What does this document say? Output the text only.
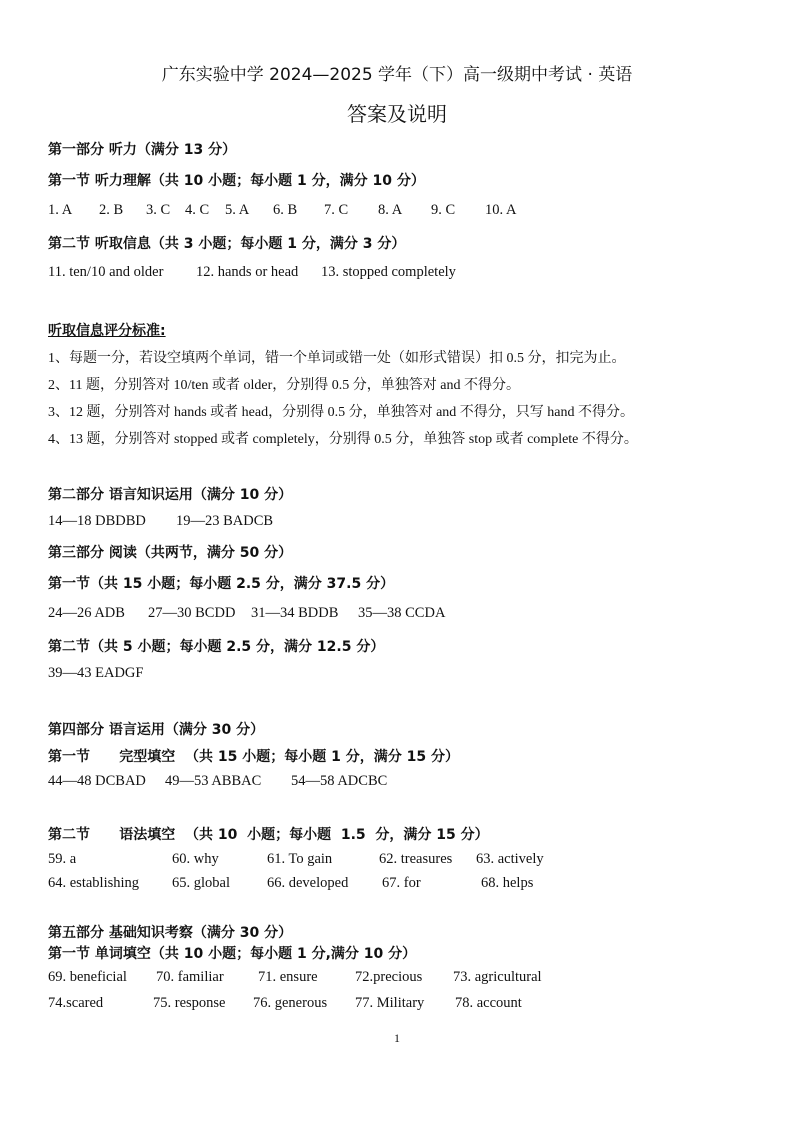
广东实验中学 2024—2025 学年（下）高一级期中考试 · 英语
答案及说明
第一部分 听力（满分 13 分）
第一节 听力理解（共 10 小题；每小题 1 分，满分 10 分）
1. A 2. B 3. C 4. C 5. A 6. B 7. C 8. A 9. C 10. A
第二节 听取信息（共 3 小题；每小题 1 分，满分 3 分）
11. ten/10 and older 12. hands or head 13. stopped completely
听取信息评分标准:
1、每题一分，若设空填两个单词，错一个单词或错一处（如形式错误）扣 0.5 分，扣完为止。
2、11 题，分别答对 10/ten 或者 older，分别得 0.5 分，单独答对 and 不得分。
3、12 题，分别答对 hands 或者 head，分别得 0.5 分，单独答对 and 不得分，只写 hand 不得分。
4、13 题，分别答对 stopped 或者 completely，分别得 0.5 分，单独答 stop 或者 complete 不得分。
第二部分 语言知识运用（满分 10 分）
14—18 DBDBD 19—23 BADCB
第三部分 阅读（共两节，满分 50 分）
第一节（共 15 小题；每小题 2.5 分，满分 37.5 分）
24—26 ADB 27—30 BCDD 31—34 BDDB 35—38 CCDA
第二节（共 5 小题；每小题 2.5 分，满分 12.5 分）
39—43 EADGF
第四部分 语言运用（满分 30 分）
第一节      完型填空  （共 15 小题；每小题 1 分，满分 15 分）
44—48 DCBAD 49—53 ABBAC 54—58 ADCBC
第二节      语法填空  （共 10  小题；每小题  1.5  分，满分 15 分）
59. a	60. why	61. To gain	62. treasures 63. actively
64. establishing 65. global	66. developed 67. for	68. helps
第五部分 基础知识考察（满分 30 分）
第一节 单词填空（共 10 小题；每小题 1 分,满分 10 分）
69. beneficial 70. familiar 71. ensure	72.precious 73. agricultural
74.scared	75. response 76. generous 77. Military 78. account
1
